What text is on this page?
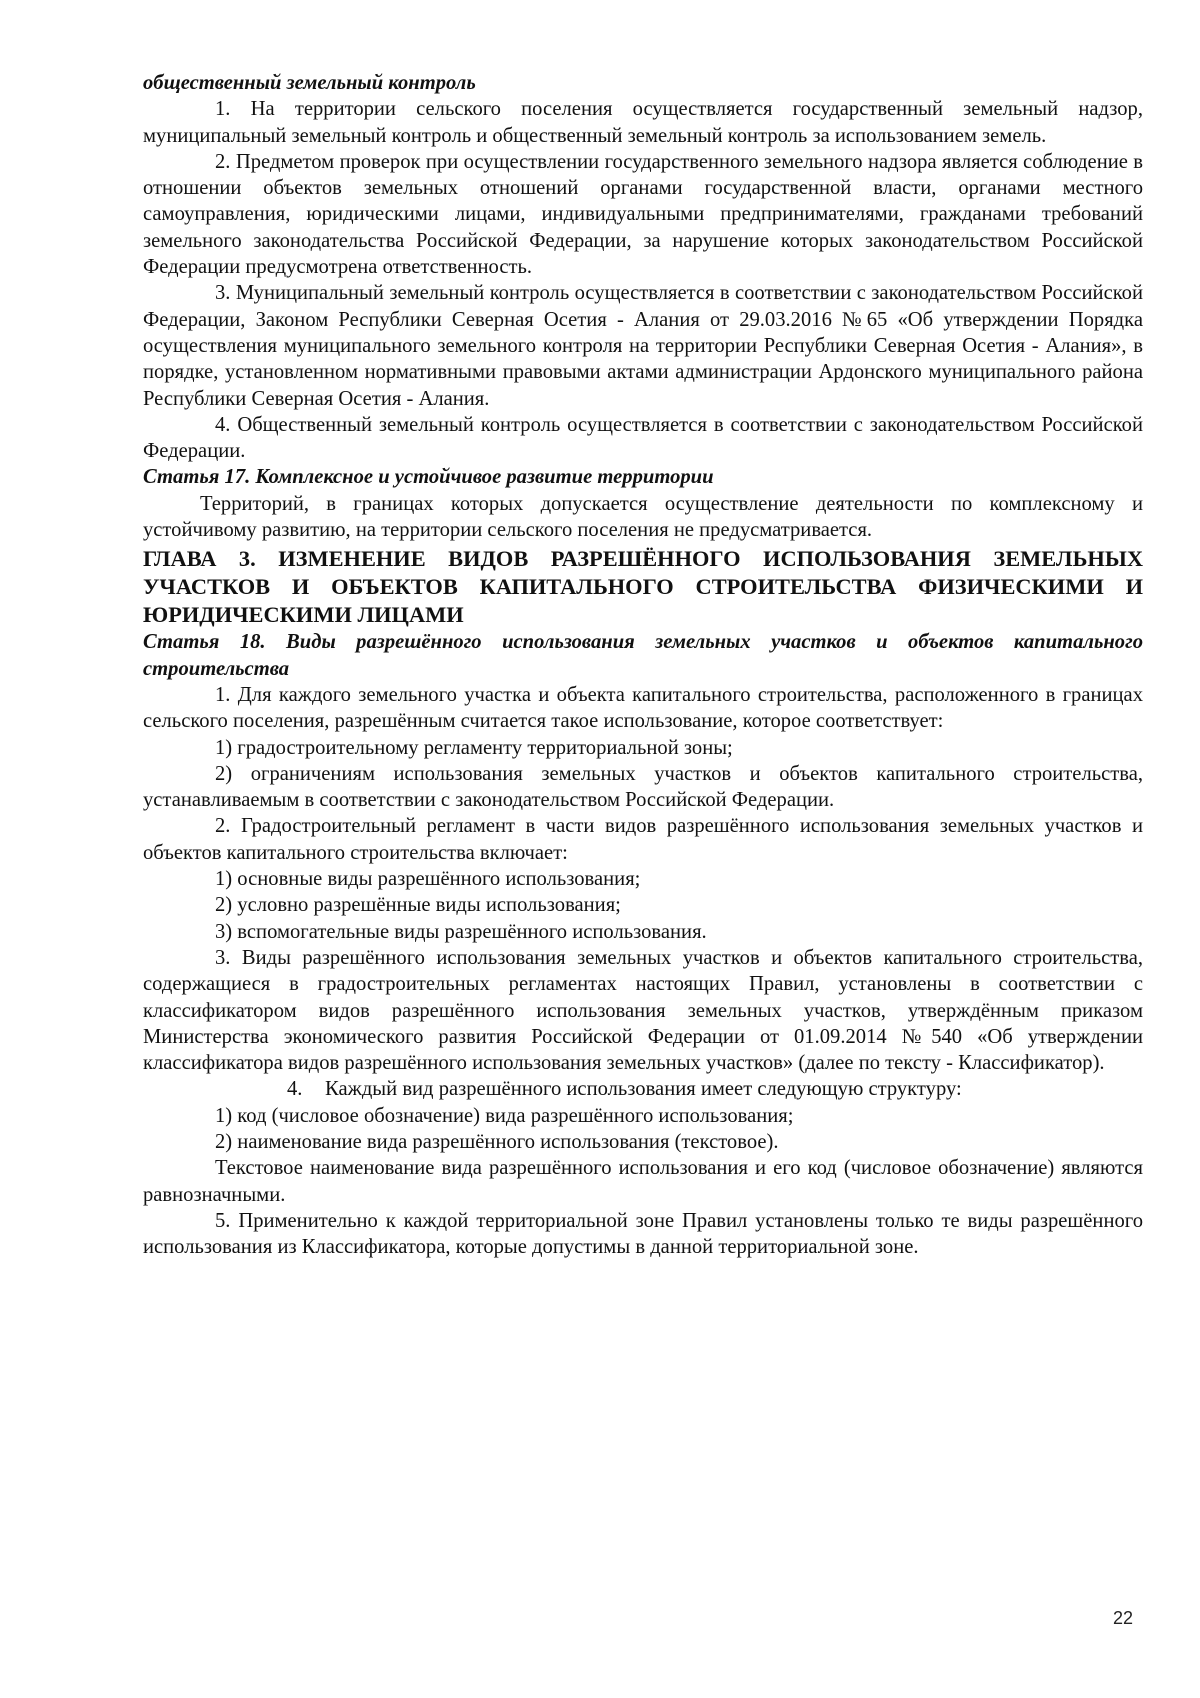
общественный земельный контроль

1. На территории сельского поселения осуществляется государственный земельный надзор, муниципальный земельный контроль и общественный земельный контроль за использованием земель.

2. Предметом проверок при осуществлении государственного земельного надзора является соблюдение в отношении объектов земельных отношений органами государственной власти, органами местного самоуправления, юридическими лицами, индивидуальными предпринимателями, гражданами требований земельного законодательства Российской Федерации, за нарушение которых законодательством Российской Федерации предусмотрена ответственность.

3. Муниципальный земельный контроль осуществляется в соответствии с законодательством Российской Федерации, Законом Республики Северная Осетия - Алания от 29.03.2016 №65 «Об утверждении Порядка осуществления муниципального земельного контроля на территории Республики Северная Осетия - Алания», в порядке, установленном нормативными правовыми актами администрации Ардонского муниципального района Республики Северная Осетия - Алания.

4. Общественный земельный контроль осуществляется в соответствии с законодательством Российской Федерации.

Статья 17. Комплексное и устойчивое развитие территории

Территорий, в границах которых допускается осуществление деятельности по комплексному и устойчивому развитию, на территории сельского поселения не предусматривается.

ГЛАВА 3. ИЗМЕНЕНИЕ ВИДОВ РАЗРЕШЁННОГО ИСПОЛЬЗОВАНИЯ ЗЕМЕЛЬНЫХ УЧАСТКОВ И ОБЪЕКТОВ КАПИТАЛЬНОГО СТРОИТЕЛЬСТВА ФИЗИЧЕСКИМИ И ЮРИДИЧЕСКИМИ ЛИЦАМИ

Статья 18. Виды разрешённого использования земельных участков и объектов капитального строительства

1. Для каждого земельного участка и объекта капитального строительства, расположенного в границах сельского поселения, разрешённым считается такое использование, которое соответствует:

1) градостроительному регламенту территориальной зоны;

2) ограничениям использования земельных участков и объектов капитального строительства, устанавливаемым в соответствии с законодательством Российской Федерации.

2. Градостроительный регламент в части видов разрешённого использования земельных участков и объектов капитального строительства включает:

1) основные виды разрешённого использования;

2) условно разрешённые виды использования;

3) вспомогательные виды разрешённого использования.

3. Виды разрешённого использования земельных участков и объектов капитального строительства, содержащиеся в градостроительных регламентах настоящих Правил, установлены в соответствии с классификатором видов разрешённого использования земельных участков, утверждённым приказом Министерства экономического развития Российской Федерации от 01.09.2014 №540 «Об утверждении классификатора видов разрешённого использования земельных участков» (далее по тексту - Классификатор).

4. Каждый вид разрешённого использования имеет следующую структуру:

1) код (числовое обозначение) вида разрешённого использования;

2) наименование вида разрешённого использования (текстовое).

Текстовое наименование вида разрешённого использования и его код (числовое обозначение) являются равнозначными.

5. Применительно к каждой территориальной зоне Правил установлены только те виды разрешённого использования из Классификатора, которые допустимы в данной территориальной зоне.

22
